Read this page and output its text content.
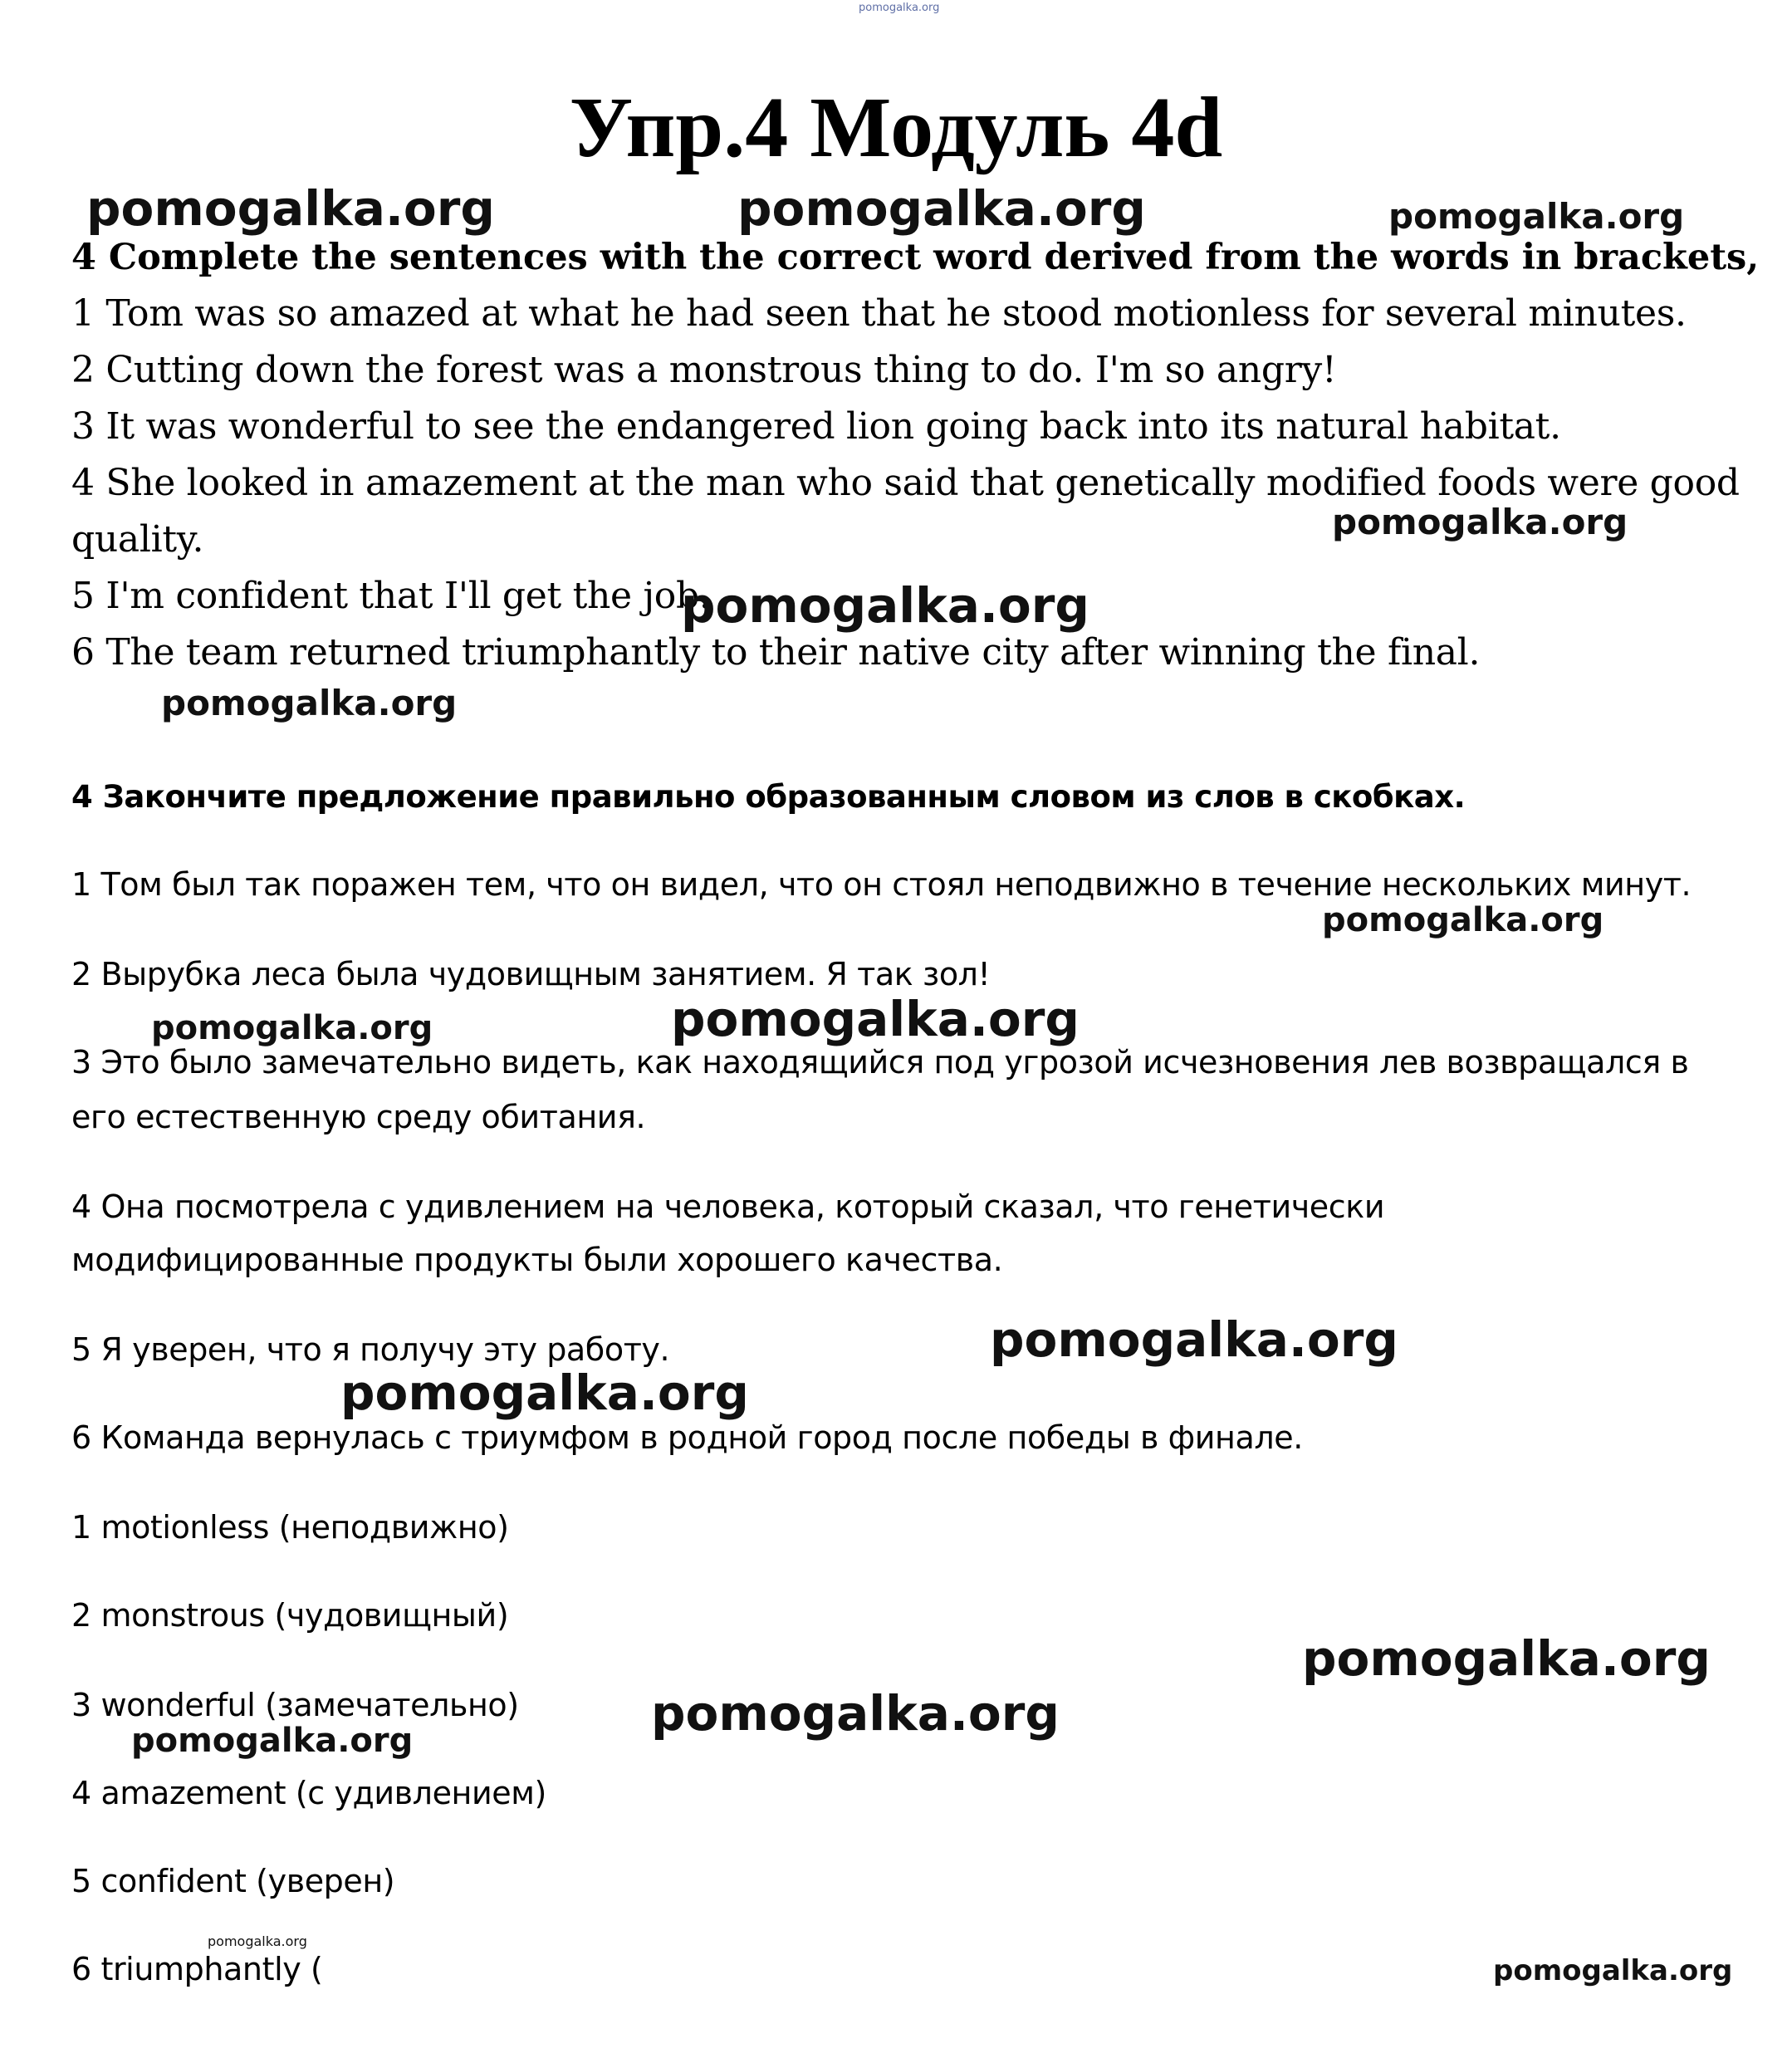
pomogalka.org
Упр.4 Модуль 4d
pomogalka.org	pomogalka.org	pomogalka.org
4 Complete the sentences with the correct word derived from the words in brackets,
1 Tom was so amazed at what he had seen that he stood motionless for several minutes.
2 Cutting down the forest was a monstrous thing to do. I'm so angry!
3 It was wonderful to see the endangered lion going back into its natural habitat.
4 She looked in amazement at the man who said that genetically modified foods were good
quality.	pomogalka.org
5 I'm confident that I'll get the job.
pomogalka.org
6 The team returned triumphantly to their native city after winning the final.
pomogalka.org
4 Закончите предложение правильно образованным словом из слов в скобках.
1 Том был так поражен тем, что он видел, что он стоял неподвижно в течение нескольких минут.
pomogalka.org
2 Вырубка леса была чудовищным занятием. Я так зол!
pomogalka.org	pomogalka.org
3 Это было замечательно видеть, как находящийся под угрозой исчезновения лев возвращался в
его естественную среду обитания.
4 Она посмотрела с удивлением на человека, который сказал, что генетически
модифицированные продукты были хорошего качества.
5 Я уверен, что я получу эту работу.	pomogalka.org
pomogalka.org
6 Команда вернулась с триумфом в родной город после победы в финале.
1 motionless (неподвижно)
2 monstrous (чудовищный)
pomogalka.org
3 wonderful (замечательно)	pomogalka.org
pomogalka.org
4 amazement (с удивлением)
5 confident (уверен)
pomogalka.org
6 triumphantly (	pomogalka.org
